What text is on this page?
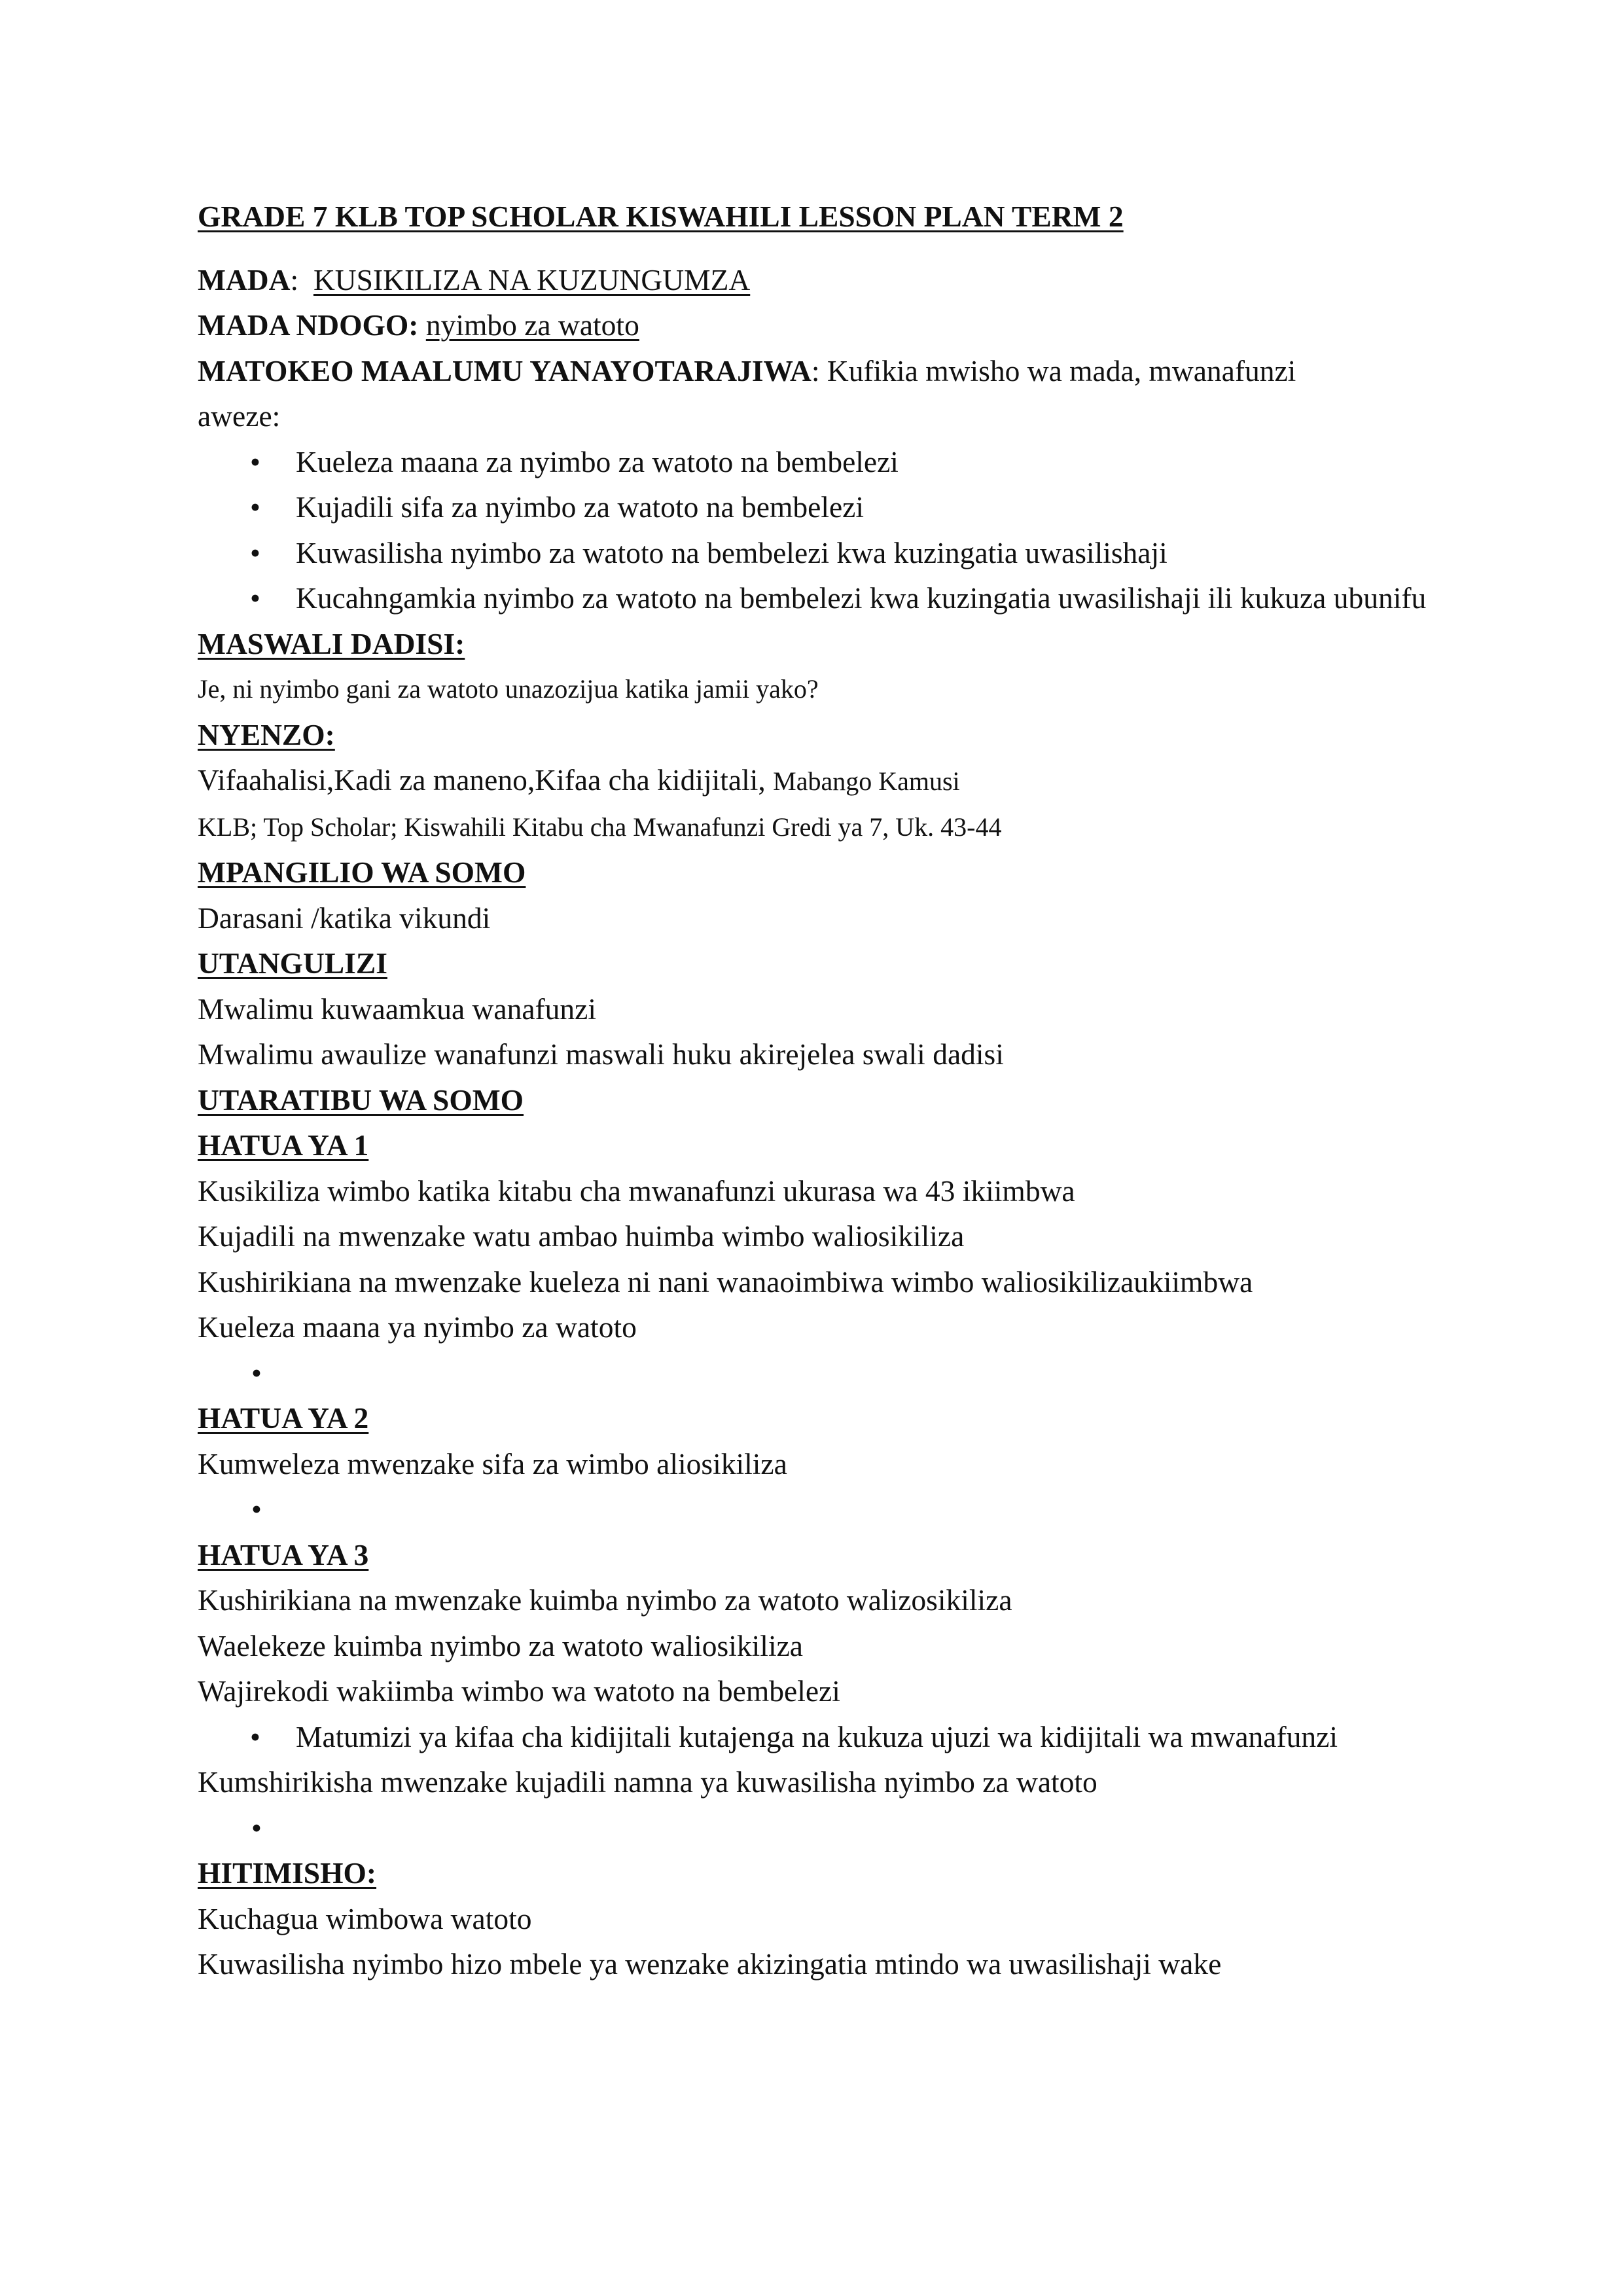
GRADE 7 KLB TOP SCHOLAR KISWAHILI LESSON PLAN TERM 2

MADA: KUSIKILIZA NA KUZUNGUMZA

MADA NDOGO: nyimbo za watoto

MATOKEO MAALUMU YANAYOTARAJIWA: Kufikia mwisho wa mada, mwanafunzi

aweze:

• Kueleza maana za nyimbo za watoto na bembelezi

• Kujadili sifa za nyimbo za watoto na bembelezi

• Kuwasilisha nyimbo za watoto na bembelezi kwa kuzingatia uwasilishaji

• Kucahngamkia nyimbo za watoto na bembelezi kwa kuzingatia uwasilishaji ili kukuza ubunifu

MASWALI DADISI:

Je, ni nyimbo gani za watoto unazozijua katika jamii yako?

NYENZO:

Vifaahalisi,Kadi za maneno,Kifaa cha kidijitali, Mabango Kamusi

KLB; Top Scholar; Kiswahili Kitabu cha Mwanafunzi Gredi ya 7, Uk. 43-44

MPANGILIO WA SOMO

Darasani /katika vikundi

UTANGULIZI

Mwalimu kuwaamkua wanafunzi

Mwalimu awaulize wanafunzi maswali huku akirejelea swali dadisi

UTARATIBU WA SOMO

HATUA YA 1

Kusikiliza wimbo katika kitabu cha mwanafunzi ukurasa wa 43 ikiimbwa

Kujadili na mwenzake watu ambao huimba wimbo waliosikiliza

Kushirikiana na mwenzake kueleza ni nani wanaoimbiwa wimbo waliosikilizaukiimbwa

Kueleza maana ya nyimbo za watoto

•

HATUA YA 2

Kumweleza mwenzake sifa za wimbo aliosikiliza

•

HATUA YA 3

Kushirikiana na mwenzake kuimba nyimbo za watoto walizosikiliza

Waelekeze kuimba nyimbo za watoto waliosikiliza

Wajirekodi wakiimba wimbo wa watoto na bembelezi

• Matumizi ya kifaa cha kidijitali kutajenga na kukuza ujuzi wa kidijitali wa mwanafunzi

Kumshirikisha mwenzake kujadili namna ya kuwasilisha nyimbo za watoto

•

HITIMISHO:

Kuchagua wimbowa watoto

Kuwasilisha nyimbo hizo mbele ya wenzake akizingatia mtindo wa uwasilishaji wake
